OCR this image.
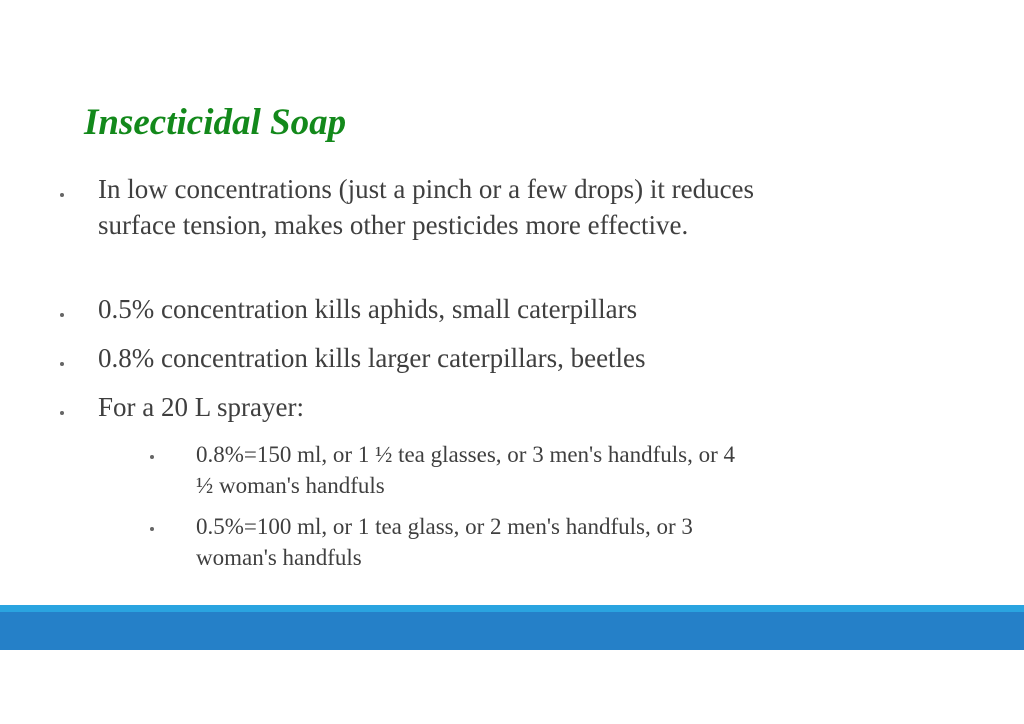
Insecticidal Soap
In low concentrations (just a pinch or a few drops) it reduces surface tension, makes other pesticides more effective.
0.5% concentration kills aphids, small caterpillars
0.8% concentration kills larger caterpillars, beetles
For a 20 L sprayer:
0.8%=150 ml, or 1 ½ tea glasses, or 3 men's handfuls, or 4 ½ woman's handfuls
0.5%=100 ml, or 1 tea glass, or 2 men's handfuls, or 3 woman's handfuls
